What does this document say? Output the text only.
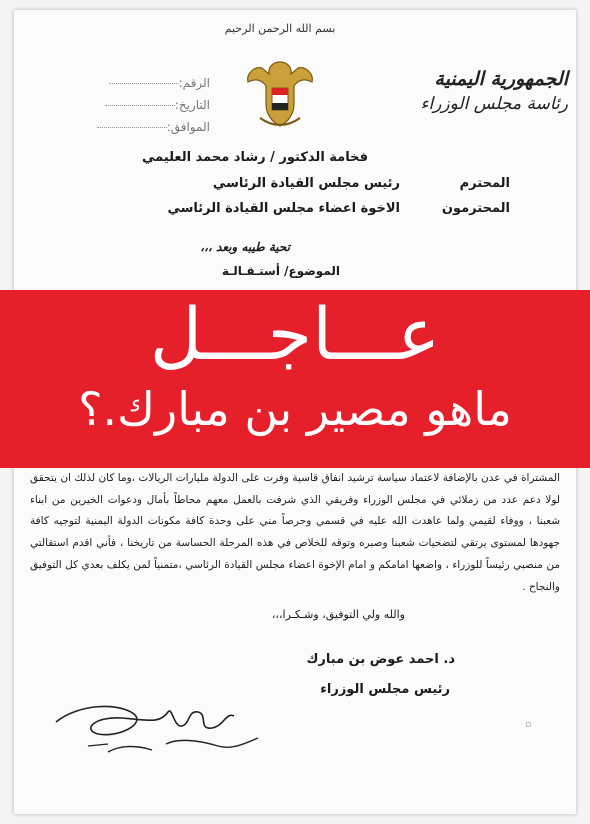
بسم الله الرحمن الرحيم
الجمهورية اليمنية
رئاسة مجلس الوزراء
الرقم:
التاريخ:
الموافق:
فخامة الدكتور / رشاد محمد العليمي
رئيس مجلس القيادة الرئاسي	المحترم
الاخوة اعضاء مجلس القيادة الرئاسي	المحترمون
تحية طيبه وبعد ،،،
الموضوع/ أستـقـالـة
عـــاجـــل
ماهو مصير بن مبارك.؟

المشتراة في عدن بالإضافة لاعتماد سياسة ترشيد انفاق قاسية وفرت على الدولة مليارات الريالات ،وما كان لذلك ان يتحقق لولا دعم عدد من زملائي في مجلس الوزراء وفريقي الذي شرفت بالعمل معهم محاطاً بأمال ودعوات الخيرين من ابناء شعبنا ، ووفاء لقيمي ولما عاهدت الله عليه في قسمي وحرصاً مني على وحدة كافة مكونات الدولة اليمنية لتوجيه كافة جهودها لمستوى يرتقي لتضحيات شعبنا وصبره وتوقه للخلاص في هذه المرحلة الحساسة من تاريخنا ، فأني اقدم استقالتي من منصبي رئيساً للوزراء ، واضعها امامكم و امام الإخوة اعضاء مجلس القيادة الرئاسي ،متمنياً لمن يكلف بعدي كل التوفيق والنجاح .

والله ولي التوفيق، وشـكـرا،،،
د. احمد عوض بن مبارك
رئيس مجلس الوزراء
▫
